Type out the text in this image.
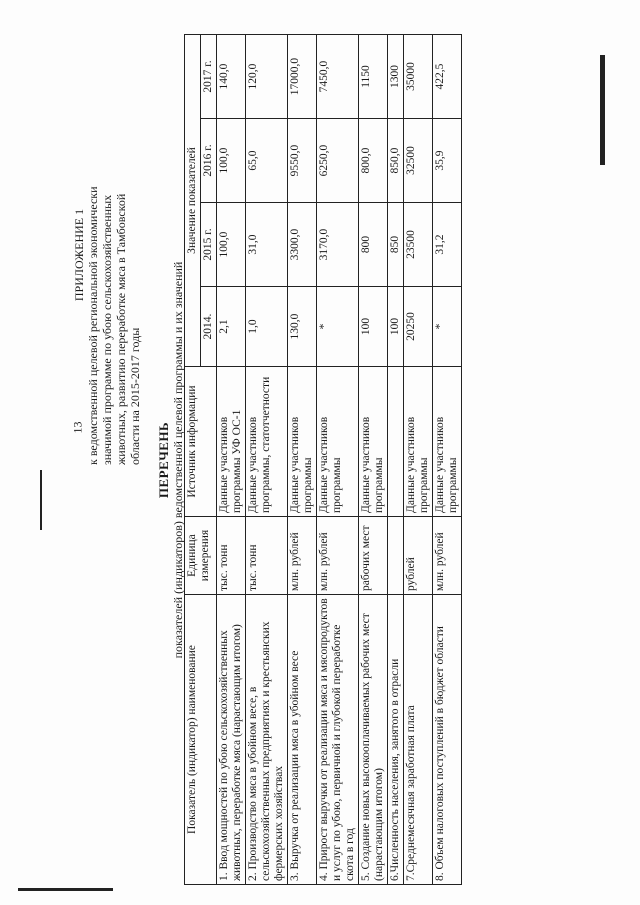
13
ПРИЛОЖЕНИЕ 1 к ведомственной целевой региональной экономически значимой программе по убою сельскохозяйственных животных, развитию переработке мяса в Тамбовской области на 2015-2017 годы ПЕРЕЧЕНЬ показателей (индикаторов) ведомственной целевой программы и их значений
Показатель (индикатор) наименование	Единица измерения	Источник информации	Значение показателей			
			2014.	2015 г.	2016 г.	2017 г.
1. Ввод мощностей по убою сельскохозяйственных животных, переработке мяса (нарастающим итогом)	тыс. тонн	Данные участников программы УФ ОС-1	2,1	100,0	100,0	140,0
2. Производство мяса в убойном весе, в сельскохозяйственных предприятиях и крестьянских фермерских хозяйствах	тыс. тонн	Данные участников программы, статотчетности	1,0	31,0	65,0	120,0
3. Выручка от реализации мяса в убойном весе	млн. рублей	Данные участников программы	130,0	3300,0	9550,0	17000,0
4. Прирост выручки от реализации мяса и мясопродуктов и услуг по убою, первичной и глубокой переработке скота в год	млн. рублей	Данные участников программы	*	3170,0	6250,0	7450,0
5. Создание новых высокооплачиваемых рабочих мест (нарастающим итогом)	рабочих мест	Данные участников программы	100	800	800,0	1150
6.Численность населения, занятого в отрасли			100	850	850,0	1300
7.Среднемесячная заработная плата	рублей	Данные участников программы	20250	23500	32500	35000
8. Объем налоговых поступлений в бюджет области	млн. рублей	Данные участников программы	*	31,2	35,9	422,5
